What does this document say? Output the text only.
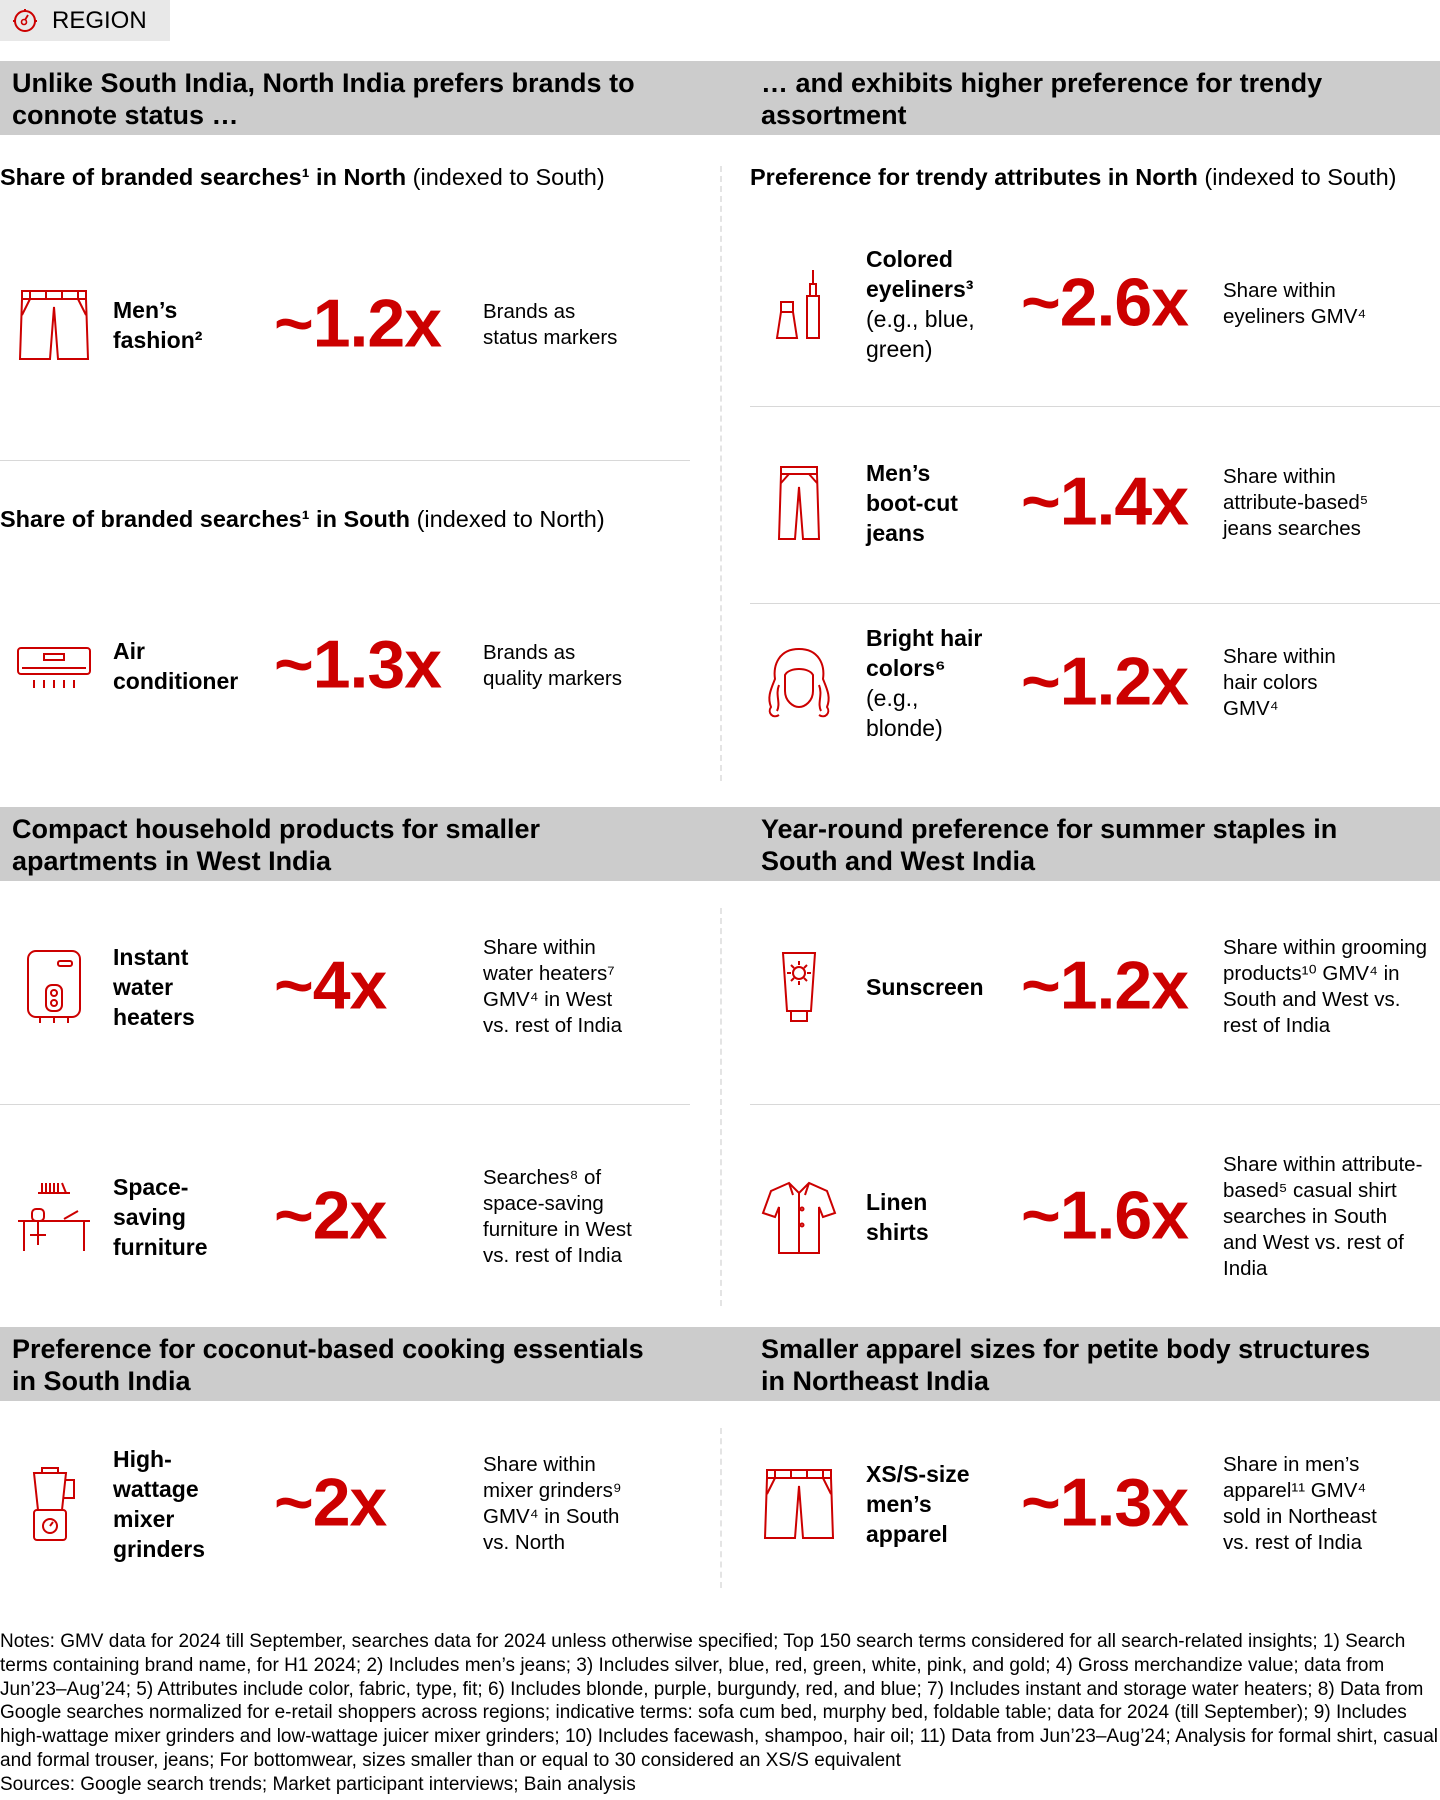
REGION
Unlike South India, North India prefers brands to
connote status …
… and exhibits higher preference for trendy
assortment
Compact household products for smaller
apartments in West India
Year-round preference for summer staples in
South and West India
Preference for coconut-based cooking essentials
in South India
Smaller apparel sizes for petite body structures
in Northeast India
Share of branded searches¹ in North (indexed to South)
Share of branded searches¹ in South (indexed to North)
Preference for trendy attributes in North (indexed to South)
Men’s
fashion² ~1.2x Brands as
status markers
Air
conditioner ~1.3x Brands as
quality markers
Colored
eyeliners³
(e.g., blue,
green)
~2.6x Share within
eyeliners GMV⁴
Men’s
boot-cut
jeans	~1.4x Share within
attribute-based⁵
jeans searches
Bright hair
colors⁶
(e.g.,
blonde)
~1.2x Share within
hair colors
GMV⁴
Instant
water
heaters ~4x	Share within
water heaters⁷
GMV⁴ in West
vs. rest of India
Space-
saving
furniture ~2x	Searches⁸ of
space-saving
furniture in West
vs. rest of India
Sunscreen ~1.2x Share within grooming
products¹⁰ GMV⁴ in
South and West vs.
rest of India
Linen
shirts ~1.6x
Share within attribute-
based⁵ casual shirt
searches in South
and West vs. rest of
India
High-
wattage
mixer
grinders
~2x	Share within
mixer grinders⁹
GMV⁴ in South
vs. North
XS/S-size
men’s
apparel	~1.3x Share in men’s
apparel¹¹ GMV⁴
sold in Northeast
vs. rest of India
Notes: GMV data for 2024 till September, searches data for 2024 unless otherwise specified; Top 150 search terms considered for all search-related insights; 1) Search terms containing brand name, for H1 2024; 2) Includes men’s jeans; 3) Includes silver, blue, red, green, white, pink, and gold; 4) Gross merchandize value; data from Jun’23–Aug’24; 5) Attributes include color, fabric, type, fit; 6) Includes blonde, purple, burgundy, red, and blue; 7) Includes instant and storage water heaters; 8) Data from Google searches normalized for e-retail shoppers across regions; indicative terms: sofa cum bed, murphy bed, foldable table; data for 2024 (till September); 9) Includes high-wattage mixer grinders and low-wattage juicer mixer grinders; 10) Includes facewash, shampoo, hair oil; 11) Data from Jun’23–Aug’24; Analysis for formal shirt, casual and formal trouser, jeans; For bottomwear, sizes smaller than or equal to 30 considered an XS/S equivalent
Sources: Google search trends; Market participant interviews; Bain analysis
